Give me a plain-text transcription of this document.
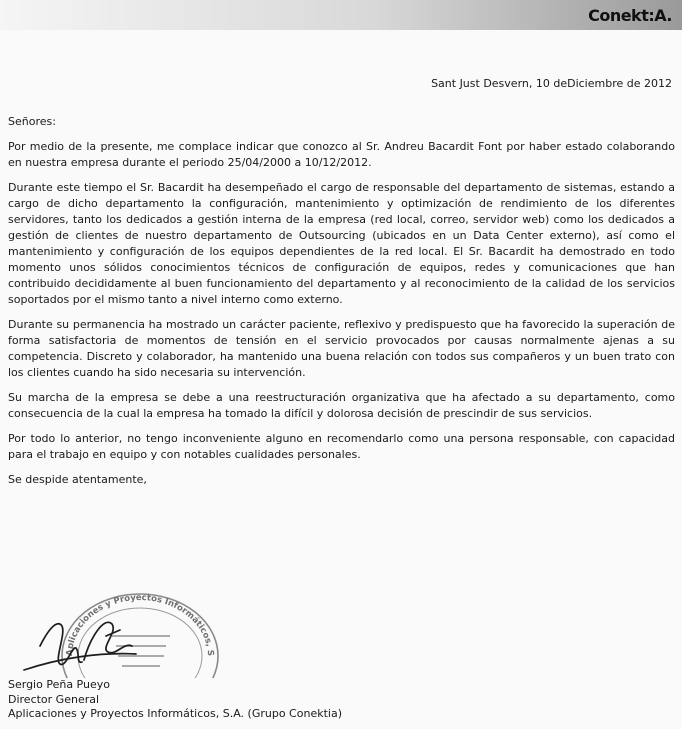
Conekt:A.
Sant Just Desvern, 10 deDiciembre de 2012
Señores:
Por medio de la presente, me complace indicar que conozco al Sr. Andreu Bacardit Font por haber estado colaborando en nuestra empresa durante el periodo 25/04/2000 a 10/12/2012.
Durante este tiempo el Sr. Bacardit ha desempeñado el cargo de responsable del departamento de sistemas, estando a cargo de dicho departamento la configuración, mantenimiento y optimización de rendimiento de los diferentes servidores, tanto los dedicados a gestión interna de la empresa (red local, correo, servidor web) como los dedicados a gestión de clientes de nuestro departamento de Outsourcing (ubicados en un Data Center externo), así como el mantenimiento y configuración de los equipos dependientes de la red local. El Sr. Bacardit ha demostrado en todo momento unos sólidos conocimientos técnicos de configuración de equipos, redes y comunicaciones que han contribuido decididamente al buen funcionamiento del departamento y al reconocimiento de la calidad de los servicios soportados por el mismo tanto a nivel interno como externo.
Durante su permanencia ha mostrado un carácter paciente, reflexivo y predispuesto que ha favorecido la superación de forma satisfactoria de momentos de tensión en el servicio provocados por causas normalmente ajenas a su competencia. Discreto y colaborador, ha mantenido una buena relación con todos sus compañeros y un buen trato con los clientes cuando ha sido necesaria su intervención.
Su marcha de la empresa se debe a una reestructuración organizativa que ha afectado a su departamento, como consecuencia de la cual la empresa ha tomado la difícil y dolorosa decisión de prescindir de sus servicios.
Por todo lo anterior, no tengo inconveniente alguno en recomendarlo como una persona responsable, con capacidad para el trabajo en equipo y con notables cualidades personales.
Se despide atentamente,
Aplicaciones y Proyectos Informáticos, S
Sergio Peña Pueyo
Director General
Aplicaciones y Proyectos Informáticos, S.A. (Grupo Conektia)
